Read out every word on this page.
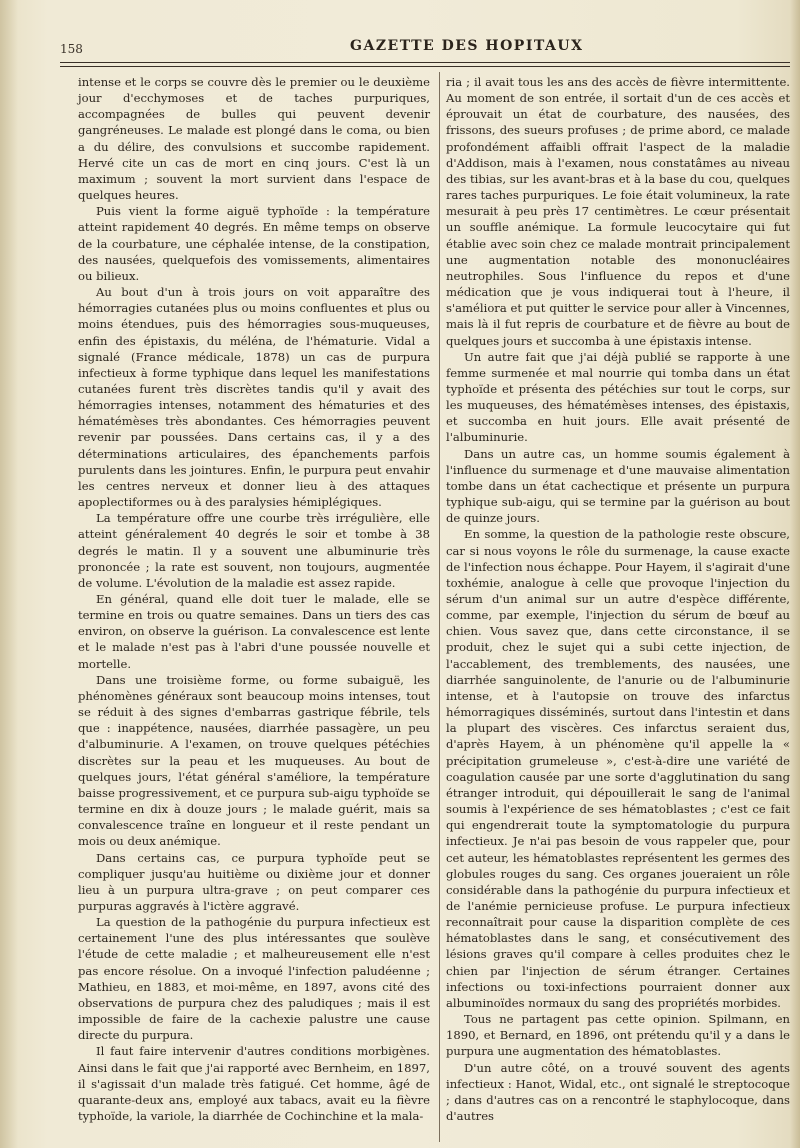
158	GAZETTE DES HOPITAUX

intense et le corps se couvre dès le premier ou le deuxième jour d'ecchymoses et de taches purpuriques, accompagnées de bulles qui peuvent devenir gangréneuses. Le malade est plongé dans le coma, ou bien a du délire, des convulsions et succombe rapidement. Hervé cite un cas de mort en cinq jours. C'est là un maximum ; souvent la mort survient dans l'espace de quelques heures.

Puis vient la forme aiguë typhoïde : la température atteint rapidement 40 degrés. En même temps on observe de la courbature, une céphalée intense, de la constipation, des nausées, quelquefois des vomissements, alimentaires ou bilieux.

Au bout d'un à trois jours on voit apparaître des hémorragies cutanées plus ou moins confluentes et plus ou moins étendues, puis des hémorragies sous-muqueuses, enfin des épistaxis, du méléna, de l'hématurie. Vidal a signalé (France médicale, 1878) un cas de purpura infectieux à forme typhique dans lequel les manifestations cutanées furent très discrètes tandis qu'il y avait des hémorragies intenses, notamment des hématuries et des hématémèses très abondantes. Ces hémorragies peuvent revenir par poussées. Dans certains cas, il y a des déterminations articulaires, des épanchements parfois purulents dans les jointures. Enfin, le purpura peut envahir les centres nerveux et donner lieu à des attaques apoplectiformes ou à des paralysies hémiplégiques.

La température offre une courbe très irrégulière, elle atteint généralement 40 degrés le soir et tombe à 38 degrés le matin. Il y a souvent une albuminurie très prononcée ; la rate est souvent, non toujours, augmentée de volume. L'évolution de la maladie est assez rapide.

En général, quand elle doit tuer le malade, elle se termine en trois ou quatre semaines. Dans un tiers des cas environ, on observe la guérison. La convalescence est lente et le malade n'est pas à l'abri d'une poussée nouvelle et mortelle.

Dans une troisième forme, ou forme subaiguë, les phénomènes généraux sont beaucoup moins intenses, tout se réduit à des signes d'embarras gastrique fébrile, tels que : inappétence, nausées, diarrhée passagère, un peu d'albuminurie. A l'examen, on trouve quelques pétéchies discrètes sur la peau et les muqueuses. Au bout de quelques jours, l'état général s'améliore, la température baisse progressivement, et ce purpura sub-aigu typhoïde se termine en dix à douze jours ; le malade guérit, mais sa convalescence traîne en longueur et il reste pendant un mois ou deux anémique.

Dans certains cas, ce purpura typhoïde peut se compliquer jusqu'au huitième ou dixième jour et donner lieu à un purpura ultra-grave ; on peut comparer ces purpuras aggravés à l'ictère aggravé.

La question de la pathogénie du purpura infectieux est certainement l'une des plus intéressantes que soulève l'étude de cette maladie ; et malheureusement elle n'est pas encore résolue. On a invoqué l'infection paludéenne ; Mathieu, en 1883, et moi-même, en 1897, avons cité des observations de purpura chez des paludiques ; mais il est impossible de faire de la cachexie palustre une cause directe du purpura.

Il faut faire intervenir d'autres conditions morbigènes. Ainsi dans le fait que j'ai rapporté avec Bernheim, en 1897, il s'agissait d'un malade très fatigué. Cet homme, âgé de quarante-deux ans, employé aux tabacs, avait eu la fièvre typhoïde, la variole, la diarrhée de Cochinchine et la mala-

ria ; il avait tous les ans des accès de fièvre intermittente. Au moment de son entrée, il sortait d'un de ces accès et éprouvait un état de courbature, des nausées, des frissons, des sueurs profuses ; de prime abord, ce malade profondément affaibli offrait l'aspect de la maladie d'Addison, mais à l'examen, nous constatâmes au niveau des tibias, sur les avant-bras et à la base du cou, quelques rares taches purpuriques. Le foie était volumineux, la rate mesurait à peu près 17 centimètres. Le cœur présentait un souffle anémique. La formule leucocytaire qui fut établie avec soin chez ce malade montrait principalement une augmentation notable des mononucléaires neutrophiles. Sous l'influence du repos et d'une médication que je vous indiquerai tout à l'heure, il s'améliora et put quitter le service pour aller à Vincennes, mais là il fut repris de courbature et de fièvre au bout de quelques jours et succomba à une épistaxis intense.

Un autre fait que j'ai déjà publié se rapporte à une femme surmenée et mal nourrie qui tomba dans un état typhoïde et présenta des pétéchies sur tout le corps, sur les muqueuses, des hématémèses intenses, des épistaxis, et succomba en huit jours. Elle avait présenté de l'albuminurie.

Dans un autre cas, un homme soumis également à l'influence du surmenage et d'une mauvaise alimentation tombe dans un état cachectique et présente un purpura typhique sub-aigu, qui se termine par la guérison au bout de quinze jours.

En somme, la question de la pathologie reste obscure, car si nous voyons le rôle du surmenage, la cause exacte de l'infection nous échappe. Pour Hayem, il s'agirait d'une toxhémie, analogue à celle que provoque l'injection du sérum d'un animal sur un autre d'espèce différente, comme, par exemple, l'injection du sérum de bœuf au chien. Vous savez que, dans cette circonstance, il se produit, chez le sujet qui a subi cette injection, de l'accablement, des tremblements, des nausées, une diarrhée sanguinolente, de l'anurie ou de l'albuminurie intense, et à l'autopsie on trouve des infarctus hémorragiques disséminés, surtout dans l'intestin et dans la plupart des viscères. Ces infarctus seraient dus, d'après Hayem, à un phénomène qu'il appelle la « précipitation grumeleuse », c'est-à-dire une variété de coagulation causée par une sorte d'agglutination du sang étranger introduit, qui dépouillerait le sang de l'animal soumis à l'expérience de ses hématoblastes ; c'est ce fait qui engendrerait toute la symptomatologie du purpura infectieux. Je n'ai pas besoin de vous rappeler que, pour cet auteur, les hématoblastes représentent les germes des globules rouges du sang. Ces organes joueraient un rôle considérable dans la pathogénie du purpura infectieux et de l'anémie pernicieuse profuse. Le purpura infectieux reconnaîtrait pour cause la disparition complète de ces hématoblastes dans le sang, et consécutivement des lésions graves qu'il compare à celles produites chez le chien par l'injection de sérum étranger. Certaines infections ou toxi-infections pourraient donner aux albuminoïdes normaux du sang des propriétés morbides.

Tous ne partagent pas cette opinion. Spilmann, en 1890, et Bernard, en 1896, ont prétendu qu'il y a dans le purpura une augmentation des hématoblastes.

D'un autre côté, on a trouvé souvent des agents infectieux : Hanot, Widal, etc., ont signalé le streptocoque ; dans d'autres cas on a rencontré le staphylocoque, dans d'autres
